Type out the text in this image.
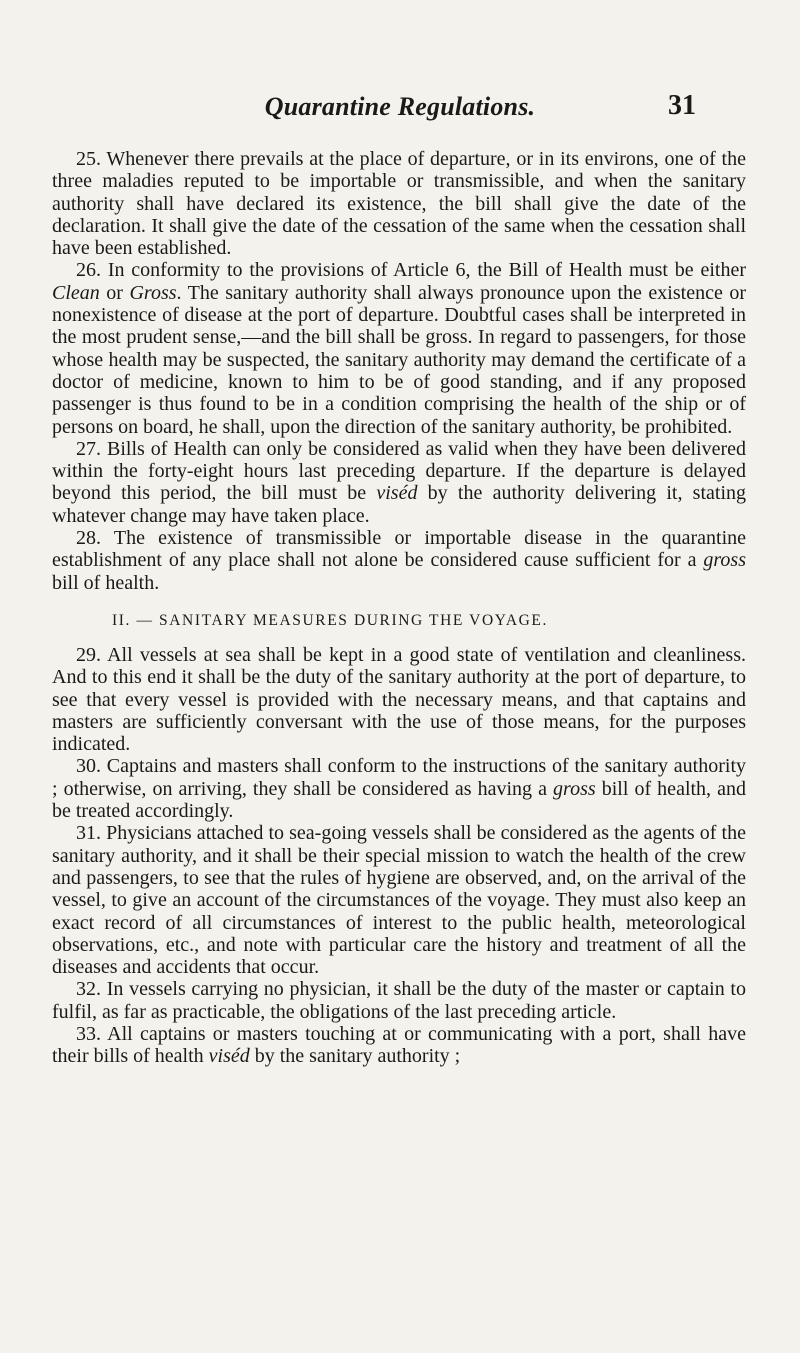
Quarantine Regulations.	31

25. Whenever there prevails at the place of departure, or in its environs, one of the three maladies reputed to be importable or transmissible, and when the sanitary authority shall have declared its existence, the bill shall give the date of the declaration. It shall give the date of the cessation of the same when the cessation shall have been established.

26. In conformity to the provisions of Article 6, the Bill of Health must be either Clean or Gross. The sanitary authority shall always pronounce upon the existence or nonexistence of disease at the port of departure. Doubtful cases shall be interpreted in the most prudent sense,—and the bill shall be gross. In regard to passengers, for those whose health may be suspected, the sanitary authority may demand the certificate of a doctor of medicine, known to him to be of good standing, and if any proposed passenger is thus found to be in a condition comprising the health of the ship or of persons on board, he shall, upon the direction of the sanitary authority, be prohibited.

27. Bills of Health can only be considered as valid when they have been delivered within the forty-eight hours last preceding departure. If the departure is delayed beyond this period, the bill must be viséd by the authority delivering it, stating whatever change may have taken place.

28. The existence of transmissible or importable disease in the quarantine establishment of any place shall not alone be considered cause sufficient for a gross bill of health.

II. — SANITARY MEASURES DURING THE VOYAGE.

29. All vessels at sea shall be kept in a good state of ventilation and cleanliness. And to this end it shall be the duty of the sanitary authority at the port of departure, to see that every vessel is provided with the necessary means, and that captains and masters are sufficiently conversant with the use of those means, for the purposes indicated.

30. Captains and masters shall conform to the instructions of the sanitary authority ; otherwise, on arriving, they shall be considered as having a gross bill of health, and be treated accordingly.

31. Physicians attached to sea-going vessels shall be considered as the agents of the sanitary authority, and it shall be their special mission to watch the health of the crew and passengers, to see that the rules of hygiene are observed, and, on the arrival of the vessel, to give an account of the circumstances of the voyage. They must also keep an exact record of all circumstances of interest to the public health, meteorological observations, etc., and note with particular care the history and treatment of all the diseases and accidents that occur.

32. In vessels carrying no physician, it shall be the duty of the master or captain to fulfil, as far as practicable, the obligations of the last preceding article.

33. All captains or masters touching at or communicating with a port, shall have their bills of health viséd by the sanitary authority ;
